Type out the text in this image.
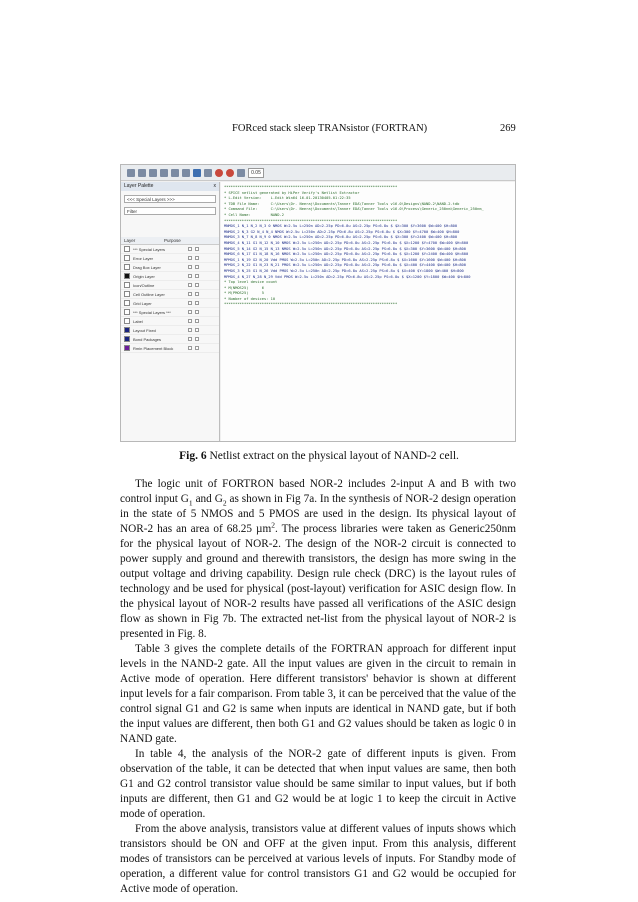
FORced stack sleep TRANsistor (FORTRAN)	269
0.05
Layer Palette	x
<<< Special Layers >>>
Filter
Layer	Purpose
*** Special Layers
Error Layer
Drag Box Layer
Origin Layer
Icon/Outline
Cell Outline Layer
Grid Layer
*** Special Layers ***
Label
Layout Fixed
Bond Packages
Rmin Placement Block
******************************************************************************
* SPICE netlist generated by HiPer Verify's Netlist Extractor
* L-Edit Version:    L-Edit Win64 16.01.20130405.01:22:35
* TDB File Name:     C:\Users\Dr. Neeraj\Documents\Tanner EDA\Tanner Tools v16.0\Designs\NAND-2\NAND-2.tdb
* Command File:      C:\Users\Dr. Neeraj\Documents\Tanner EDA\Tanner Tools v16.0\Process\Generic_250nm\Generic_250nm_
* Cell Name:         NAND-2
******************************************************************************
MNMOS_1 N_1 N_2 N_3 0 NMOS W=2.5u L=250n AD=2.25p PD=6.8u AS=2.25p PS=6.8u $ $X=300 $Y=3600 $W=400 $H=800
MNMOS_2 N_3 G2 N_4 N_4 NMOS W=2.5u L=250n AD=2.25p PD=6.8u AS=2.25p PS=6.8u $ $X=300 $Y=4700 $W=400 $H=800
MNMOS_3 N_7 N_8 N_9 0 NMOS W=2.5u L=250n AD=2.25p PD=6.8u AS=2.25p PS=6.8u $ $X=300 $Y=2400 $W=400 $H=800
MNMOS_4 N_11 G1 N_12 N_10 NMOS W=2.5u L=250n AD=2.25p PD=6.8u AS=2.25p PS=6.8u $ $X=1200 $Y=4700 $W=400 $H=800
MNMOS_5 N_14 G2 N_15 N_13 NMOS W=2.5u L=250n AD=2.25p PD=6.8u AS=2.25p PS=6.8u $ $X=300 $Y=3600 $W=400 $H=800
MNMOS_6 N_17 G1 N_18 N_16 NMOS W=2.5u L=250n AD=2.25p PD=6.8u AS=2.25p PS=6.8u $ $X=1200 $Y=2400 $W=400 $H=800
MPMOS_1 N_19 G2 N_20 Vdd PMOS W=2.5u L=250n AD=2.25p PD=6.8u AS=2.25p PS=6.8u $ $X=1600 $Y=1600 $W=400 $H=800
MPMOS_2 N_22 G1 N_23 N_21 PMOS W=2.5u L=250n AD=2.25p PD=6.8u AS=2.25p PS=6.8u $ $X=400 $Y=4400 $W=400 $H=800
MPMOS_3 N_25 G1 N_26 Vdd PMOS W=2.5u L=250n AD=2.25p PD=6.8u AS=2.25p PS=6.8u $ $X=400 $Y=1800 $W=400 $H=800
MPMOS_4 N_27 N_28 N_29 Vdd PMOS W=2.5u L=250n AD=2.25p PD=6.8u AS=2.25p PS=6.8u $ $X=1200 $Y=1800 $W=400 $H=800
* Top level device count
* M(NMOS25)      6
* M(PMOS25)      5
* Number of devices: 10
******************************************************************************
Fig. 6 Netlist extract on the physical layout of NAND-2 cell.

The logic unit of FORTRON based NOR-2 includes 2-input A and B with two control input $G_1$ and $G_2$ as shown in Fig 7a. In the synthesis of NOR-2 design operation in the state of 5 NMOS and 5 PMOS are used in the design. Its physical layout of NOR-2 has an area of 68.25 µm$^2$. The process libraries were taken as Generic250nm for the physical layout of NOR-2. The design of the NOR-2 circuit is connected to power supply and ground and therewith transistors, the design has more swing in the output voltage and driving capability. Design rule check (DRC) is the layout rules of technology and be used for physical (post-layout) verification for ASIC design flow. In the physical layout of NOR-2 results have passed all verifications of the ASIC design flow as shown in Fig 7b. The extracted net-list from the physical layout of NOR-2 is presented in Fig. 8.

Table 3 gives the complete details of the FORTRAN approach for different input levels in the NAND-2 gate. All the input values are given in the circuit to remain in Active mode of operation. Here different transistors' behavior is shown at different input levels for a fair comparison. From table 3, it can be perceived that the value of the control signal G1 and G2 is same when inputs are identical in NAND gate, but if both the input values are different, then both G1 and G2 values should be taken as logic 0 in NAND gate.

In table 4, the analysis of the NOR-2 gate of different inputs is given. From observation of the table, it can be detected that when input values are same, then both G1 and G2 control transistor value should be same similar to input values, but if both inputs are different, then G1 and G2 would be at logic 1 to keep the circuit in Active mode of operation.

From the above analysis, transistors value at different values of inputs shows which transistors should be ON and OFF at the given input. From this analysis, different modes of transistors can be perceived at various levels of inputs. For Standby mode of operation, a different value for control transistors G1 and G2 would be occupied for Active mode of operation.
